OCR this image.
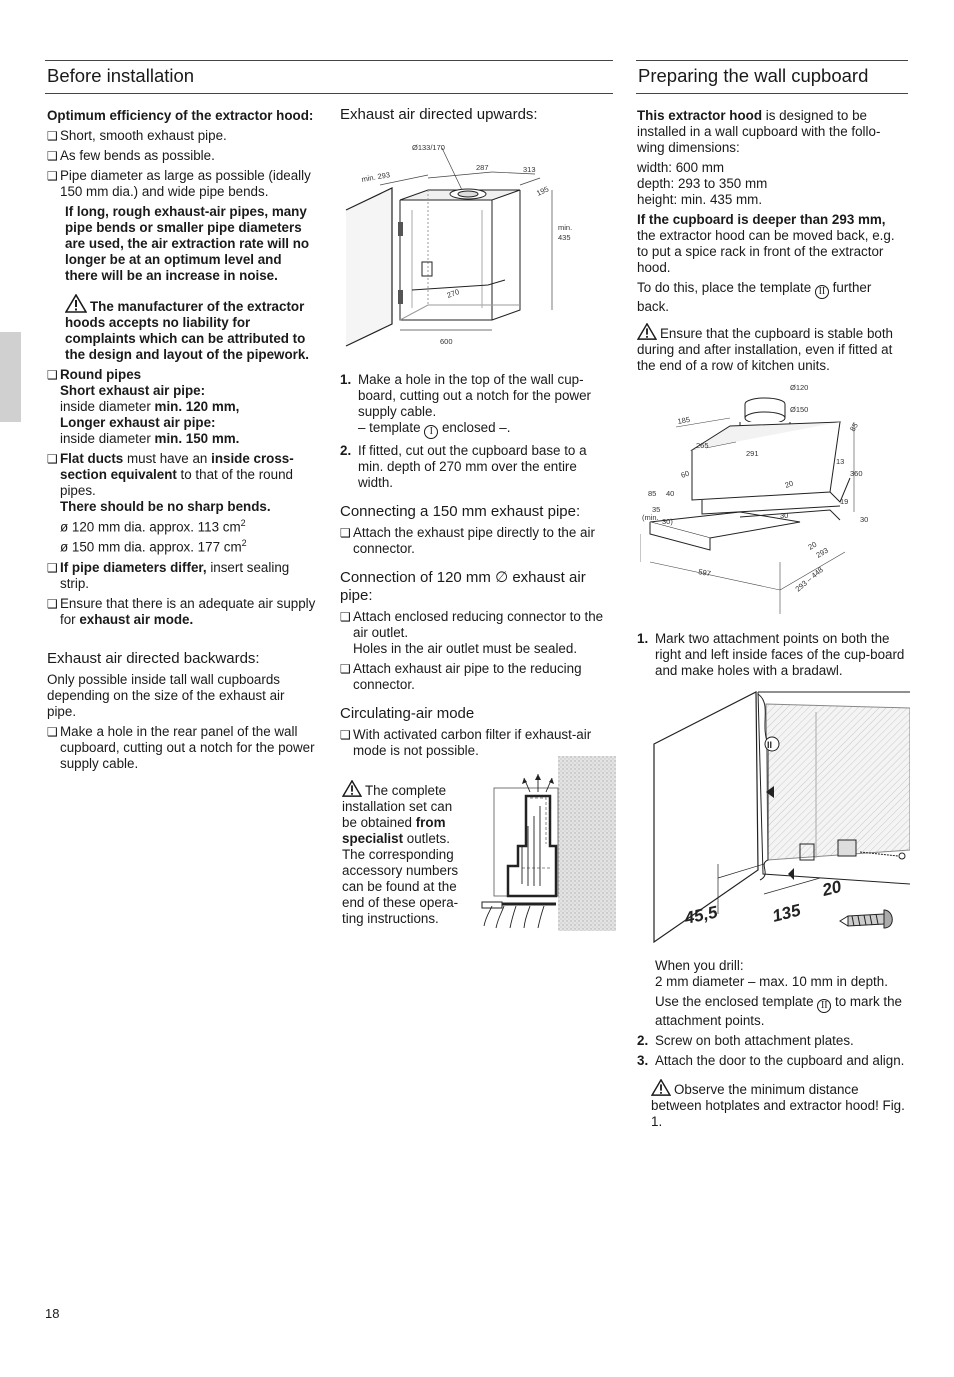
Before installation

Optimum efficiency of the extractor hood:

❑ Short, smooth exhaust pipe.
❑ As few bends as possible.
❑ Pipe diameter as large as possible (ideally 150 mm dia.) and wide pipe bends.

If long, rough exhaust-air pipes, many pipe bends or smaller pipe diameters are used, the air extraction rate will no longer be at an optimum level and there will be an increase in noise.

The manufacturer of the extractor hoods accepts no liability for complaints which can be attributed to the design and layout of the pipework.

❑ Round pipes
Short exhaust air pipe:
inside diameter min. 120 mm,
Longer exhaust air pipe:
inside diameter min. 150 mm.
❑ Flat ducts must have an inside cross-section equivalent to that of the round pipes.
There should be no sharp bends.
ø 120 mm dia. approx. 113 $cm^2$
ø 150 mm dia. approx. 177 $cm^2$
❑ If pipe diameters differ, insert sealing strip.
❑ Ensure that there is an adequate air supply for exhaust air mode.
Exhaust air directed backwards:

Only possible inside tall wall cupboards depending on the size of the exhaust air pipe.

❑ Make a hole in the rear panel of the wall cupboard, cutting out a notch for the power supply cable.
Exhaust air directed upwards:
Ø133/170
min. 293
287	313
195
min.
435
270
600
1. Make a hole in the top of the wall cup-board, cutting out a notch for the power supply cable.
– template I enclosed –.
2. If fitted, cut out the cupboard base to a min. depth of 270 mm over the entire width.
Connecting a 150 mm exhaust pipe:
❑ Attach the exhaust pipe directly to the air connector.
Connection of 120 mm ∅ exhaust air pipe:
❑ Attach enclosed reducing connector to the air outlet.
Holes in the air outlet must be sealed.
❑ Attach exhaust air pipe to the reducing connector.
Circulating-air mode
❑ With activated carbon filter if exhaust-air mode is not possible.

The complete installation set can be obtained from specialist outlets. The corresponding accessory numbers can be found at the end of these opera-ting instructions.

Preparing the wall cupboard

This extractor hood is designed to be installed in a wall cupboard with the follo-wing dimensions:

width: 600 mm
depth: 293 to 350 mm
height: min. 435 mm.

If the cupboard is deeper than 293 mm, the extractor hood can be moved back, e.g. to put a spice rack in front of the extractor hood.

To do this, place the template II further back.

Ensure that the cupboard is stable both during and after installation, even if fitted at the end of a row of kitchen units.

Ø120
Ø150
185
265
291
85
13
360
60
20
85 40
19
35
(min. 30)
30	30
20
293
597	293 – 448
1. Mark two attachment points on both the right and left inside faces of the cup-board and make holes with a bradawl.
II
45,5	135
20

When you drill:
2 mm diameter – max. 10 mm in depth.

Use the enclosed template II to mark the attachment points.

2. Screw on both attachment plates.
3. Attach the door to the cupboard and align.

Observe the minimum distance between hotplates and extractor hood! Fig. 1.

18
